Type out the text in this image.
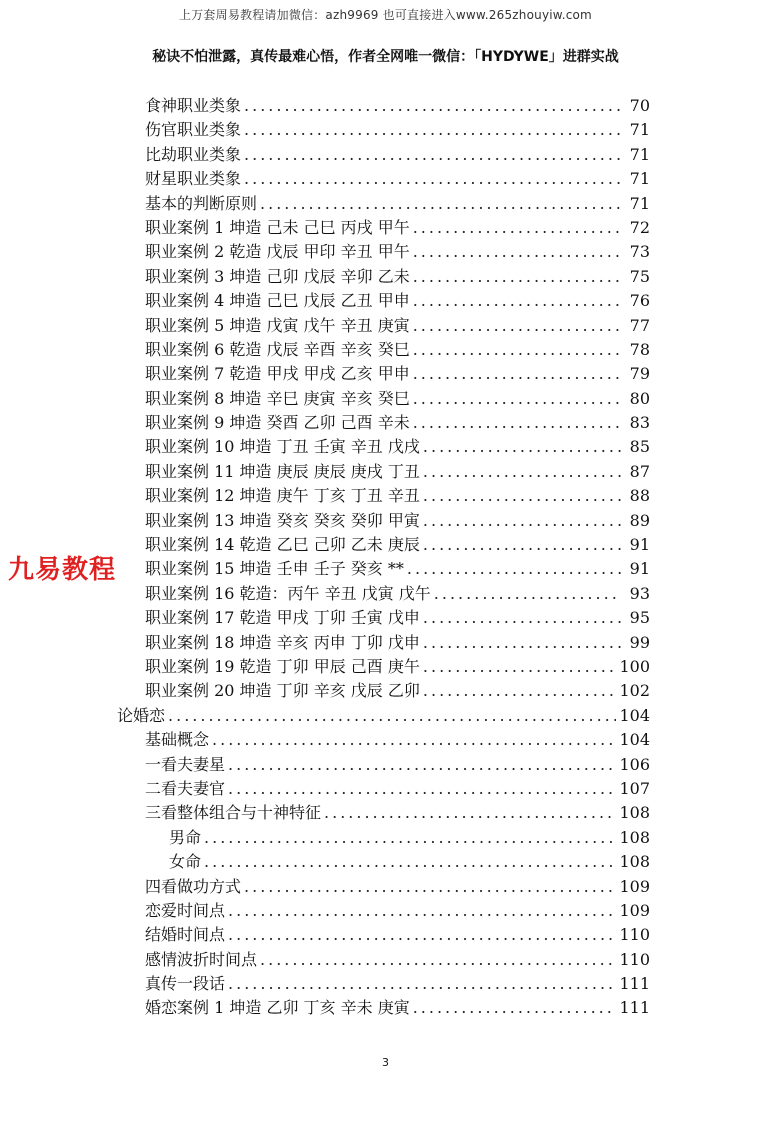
上万套周易教程请加微信：azh9969 也可直接进入www.265zhouyiw.com
秘诀不怕泄露，真传最难心悟，作者全网唯一微信：「HYDYWE」进群实战
食神职业类象 .....	70
伤官职业类象 .....	71
比劫职业类象 .....	71
财星职业类象 .....	71
基本的判断原则 .....	71
职业案例 1 坤造 己未 己巳 丙戌 甲午 .....	72
职业案例 2 乾造 戊辰 甲印 辛丑 甲午 .....	73
职业案例 3 坤造 己卯 戊辰 辛卯 乙未 .....	75
职业案例 4 坤造 己巳 戊辰 乙丑 甲申 .....	76
职业案例 5 坤造 戊寅 戊午 辛丑 庚寅 .....	77
职业案例 6 乾造 戊辰 辛酉 辛亥 癸巳 .....	78
职业案例 7 乾造 甲戌 甲戌 乙亥 甲申 .....	79
职业案例 8 坤造 辛巳 庚寅 辛亥 癸巳 .....	80
职业案例 9 坤造 癸酉 乙卯 己酉 辛未 .....	83
职业案例 10 坤造 丁丑 壬寅 辛丑 戊戌 .....	85
职业案例 11 坤造 庚辰 庚辰 庚戌 丁丑 .....	87
职业案例 12 坤造 庚午 丁亥 丁丑 辛丑 .....	88
职业案例 13 坤造 癸亥 癸亥 癸卯 甲寅 .....	89
职业案例 14 乾造 乙巳 己卯 乙未 庚辰 .....	91
职业案例 15 坤造 壬申 壬子 癸亥 ** .....	91
职业案例 16 乾造：丙午 辛丑 戊寅 戊午 .....	93
职业案例 17 乾造 甲戌 丁卯 壬寅 戊申 .....	95
职业案例 18 坤造 辛亥 丙申 丁卯 戊申 .....	99
职业案例 19 乾造 丁卯 甲辰 己酉 庚午 .....	100
职业案例 20 坤造 丁卯 辛亥 戊辰 乙卯 .....	102
论婚恋 .....	104
基础概念 .....	104
一看夫妻星 .....	106
二看夫妻官 .....	107
三看整体组合与十神特征 .....	108
男命 .....	108
女命 .....	108
四看做功方式 .....	109
恋爱时间点 .....	109
结婚时间点 .....	110
感情波折时间点 .....	110
真传一段话 .....	111
婚恋案例 1 坤造 乙卯 丁亥 辛未 庚寅 .....	111
九易教程
3
